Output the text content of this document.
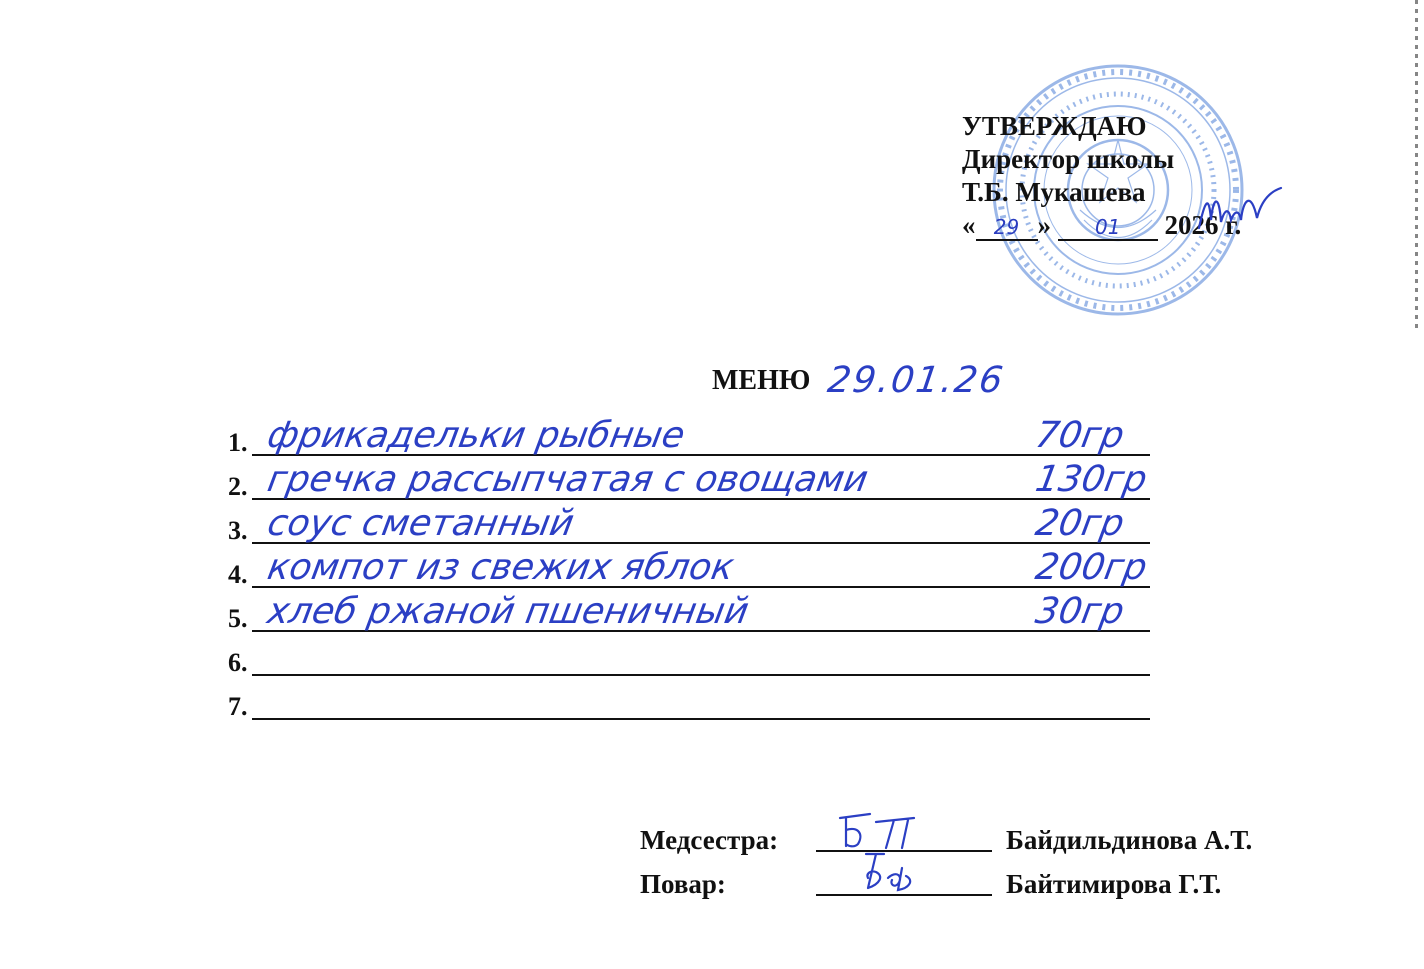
УТВЕРЖДАЮ
Директор школы
Т.Б. Мукашева
« 29 » 01 2026 г.
МЕНЮ 29.01.26
1. фрикадельки рыбные	70гр
2. гречка рассыпчатая с овощами	130гр
3. соус сметанный	20гр
4. компот из свежих яблок	200гр
5. хлеб ржаной пшеничный	30гр
6.
7.
Медсестра:	Байдильдинова А.Т.
Повар:	Байтимирова Г.Т.
